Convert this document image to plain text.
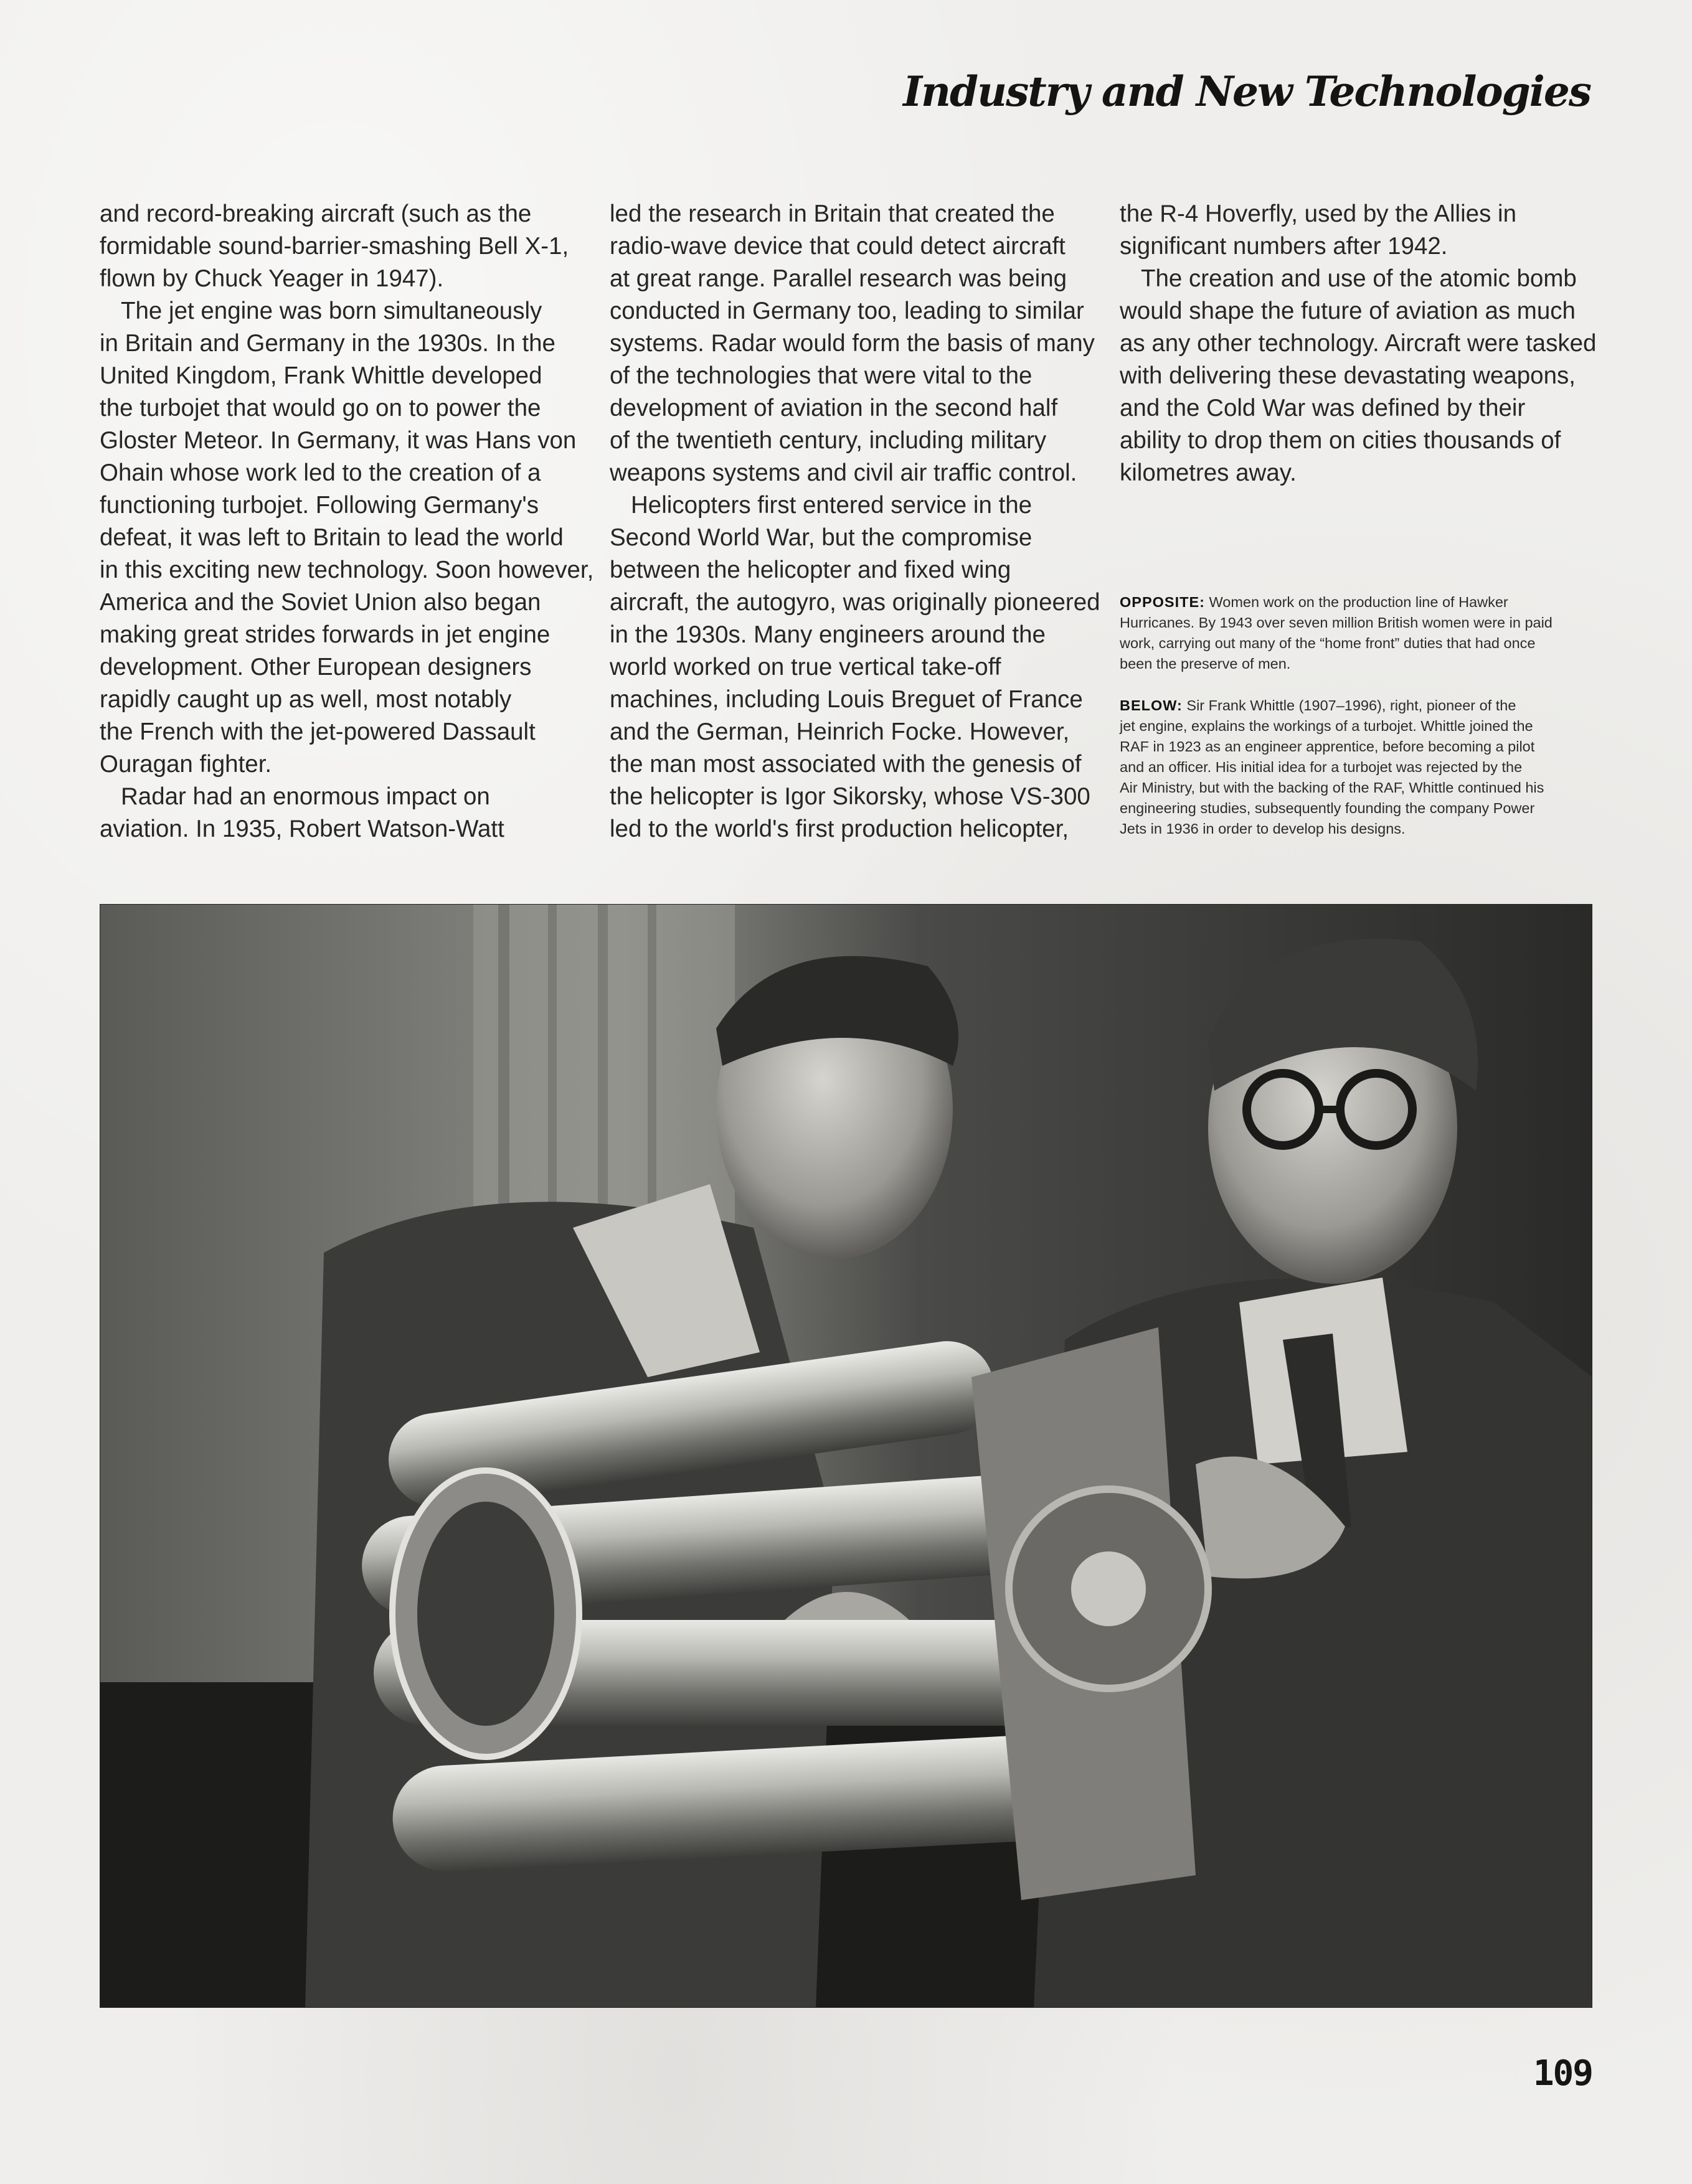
Industry and New Technologies

and record-breaking aircraft (such as the

formidable sound-barrier-smashing Bell X-1,

flown by Chuck Yeager in 1947).

The jet engine was born simultaneously

in Britain and Germany in the 1930s. In the

United Kingdom, Frank Whittle developed

the turbojet that would go on to power the

Gloster Meteor. In Germany, it was Hans von

Ohain whose work led to the creation of a

functioning turbojet. Following Germany's

defeat, it was left to Britain to lead the world

in this exciting new technology. Soon however,

America and the Soviet Union also began

making great strides forwards in jet engine

development. Other European designers

rapidly caught up as well, most notably

the French with the jet-powered Dassault

Ouragan fighter.

Radar had an enormous impact on

aviation. In 1935, Robert Watson-Watt

led the research in Britain that created the

radio-wave device that could detect aircraft

at great range. Parallel research was being

conducted in Germany too, leading to similar

systems. Radar would form the basis of many

of the technologies that were vital to the

development of aviation in the second half

of the twentieth century, including military

weapons systems and civil air traffic control.

Helicopters first entered service in the

Second World War, but the compromise

between the helicopter and fixed wing

aircraft, the autogyro, was originally pioneered

in the 1930s. Many engineers around the

world worked on true vertical take-off

machines, including Louis Breguet of France

and the German, Heinrich Focke. However,

the man most associated with the genesis of

the helicopter is Igor Sikorsky, whose VS-300

led to the world's first production helicopter,

the R-4 Hoverfly, used by the Allies in

significant numbers after 1942.

The creation and use of the atomic bomb

would shape the future of aviation as much

as any other technology. Aircraft were tasked

with delivering these devastating weapons,

and the Cold War was defined by their

ability to drop them on cities thousands of

kilometres away.

OPPOSITE: Women work on the production line of Hawker
Hurricanes. By 1943 over seven million British women were in paid
work, carrying out many of the “home front” duties that had once
been the preserve of men.

BELOW: Sir Frank Whittle (1907–1996), right, pioneer of the
jet engine, explains the workings of a turbojet. Whittle joined the
RAF in 1923 as an engineer apprentice, before becoming a pilot
and an officer. His initial idea for a turbojet was rejected by the
Air Ministry, but with the backing of the RAF, Whittle continued his
engineering studies, subsequently founding the company Power
Jets in 1936 in order to develop his designs.

109
